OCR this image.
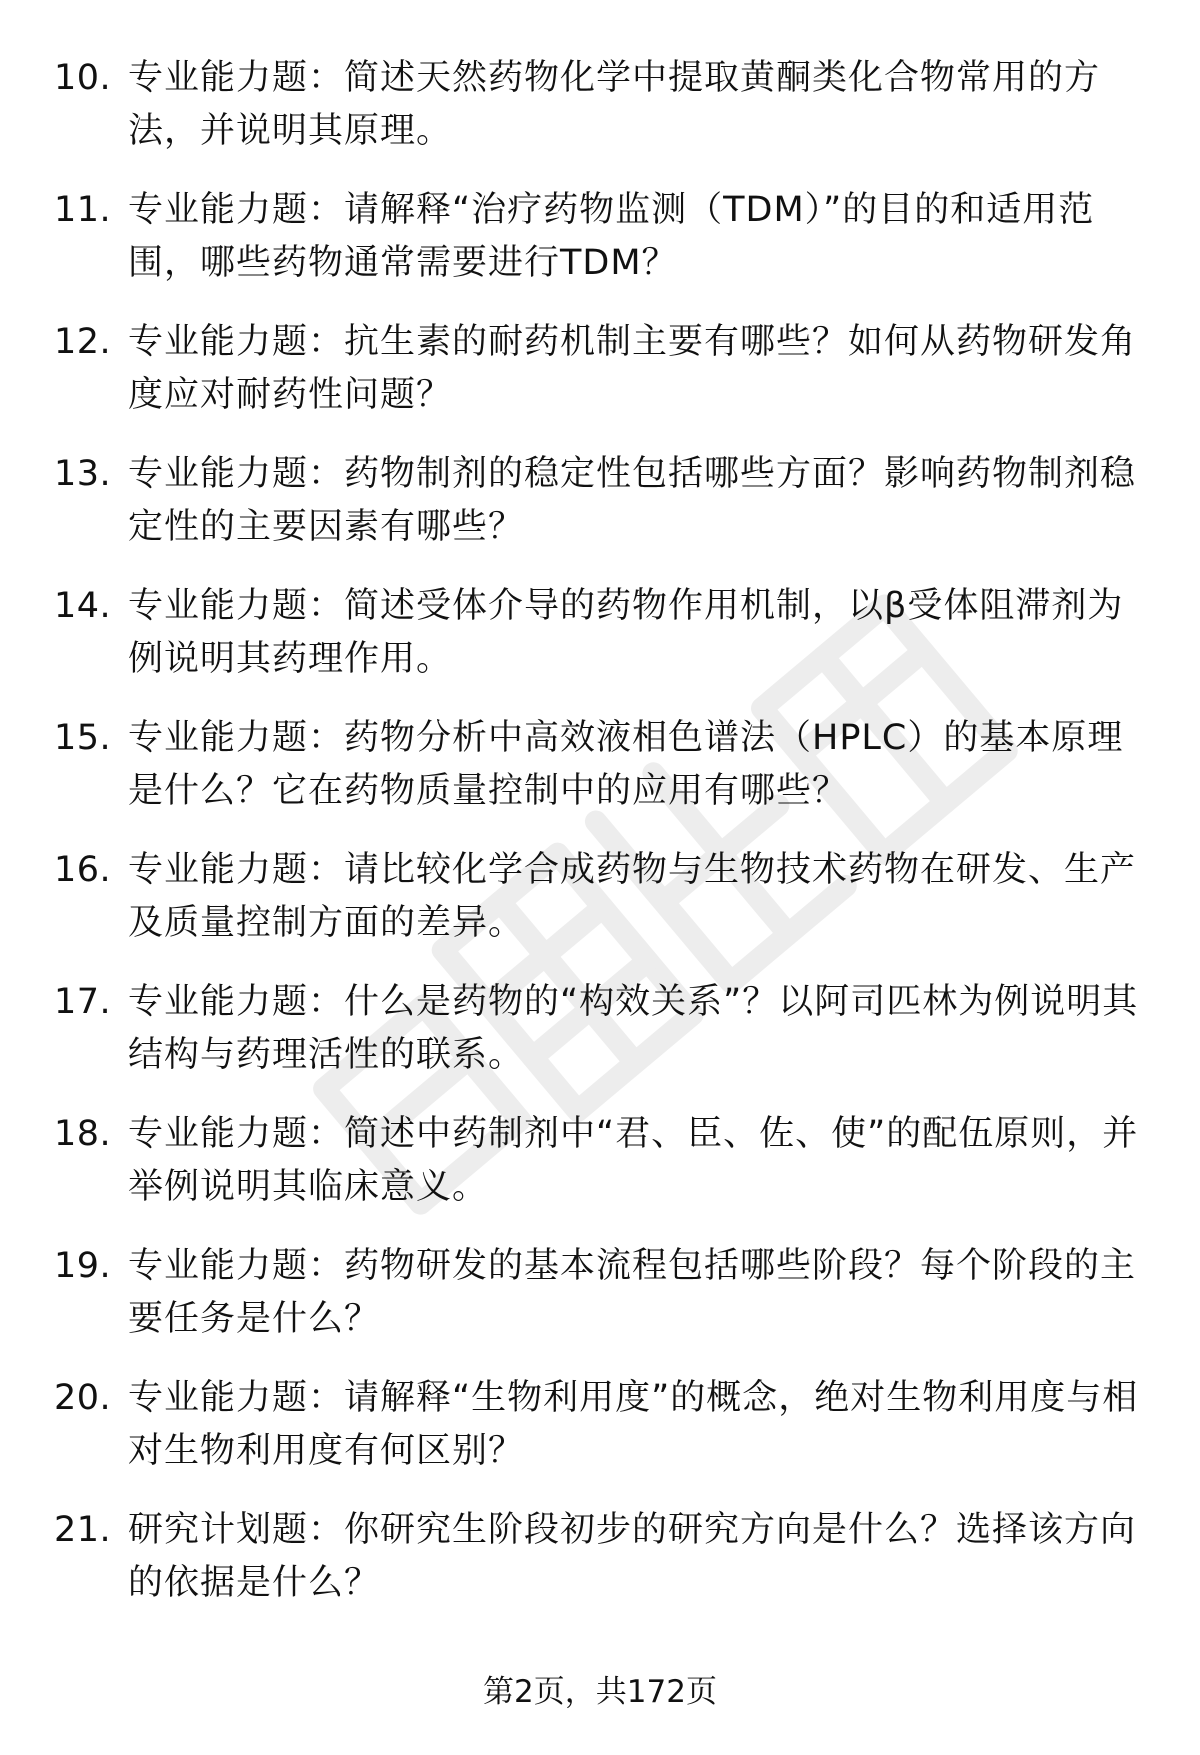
10. 专业能力题：简述天然药物化学中提取黄酮类化合物常用的方法，并说明其原理。
11. 专业能力题：请解释“治疗药物监测（TDM）”的目的和适用范围，哪些药物通常需要进行TDM？
12. 专业能力题：抗生素的耐药机制主要有哪些？如何从药物研发角度应对耐药性问题？
13. 专业能力题：药物制剂的稳定性包括哪些方面？影响药物制剂稳定性的主要因素有哪些？
14. 专业能力题：简述受体介导的药物作用机制，以β受体阻滞剂为例说明其药理作用。
15. 专业能力题：药物分析中高效液相色谱法（HPLC）的基本原理是什么？它在药物质量控制中的应用有哪些？
16. 专业能力题：请比较化学合成药物与生物技术药物在研发、生产及质量控制方面的差异。
17. 专业能力题：什么是药物的“构效关系”？以阿司匹林为例说明其结构与药理活性的联系。
18. 专业能力题：简述中药制剂中“君、臣、佐、使”的配伍原则，并举例说明其临床意义。
19. 专业能力题：药物研发的基本流程包括哪些阶段？每个阶段的主要任务是什么？
20. 专业能力题：请解释“生物利用度”的概念，绝对生物利用度与相对生物利用度有何区别？
21. 研究计划题：你研究生阶段初步的研究方向是什么？选择该方向的依据是什么？
第2页，共172页
